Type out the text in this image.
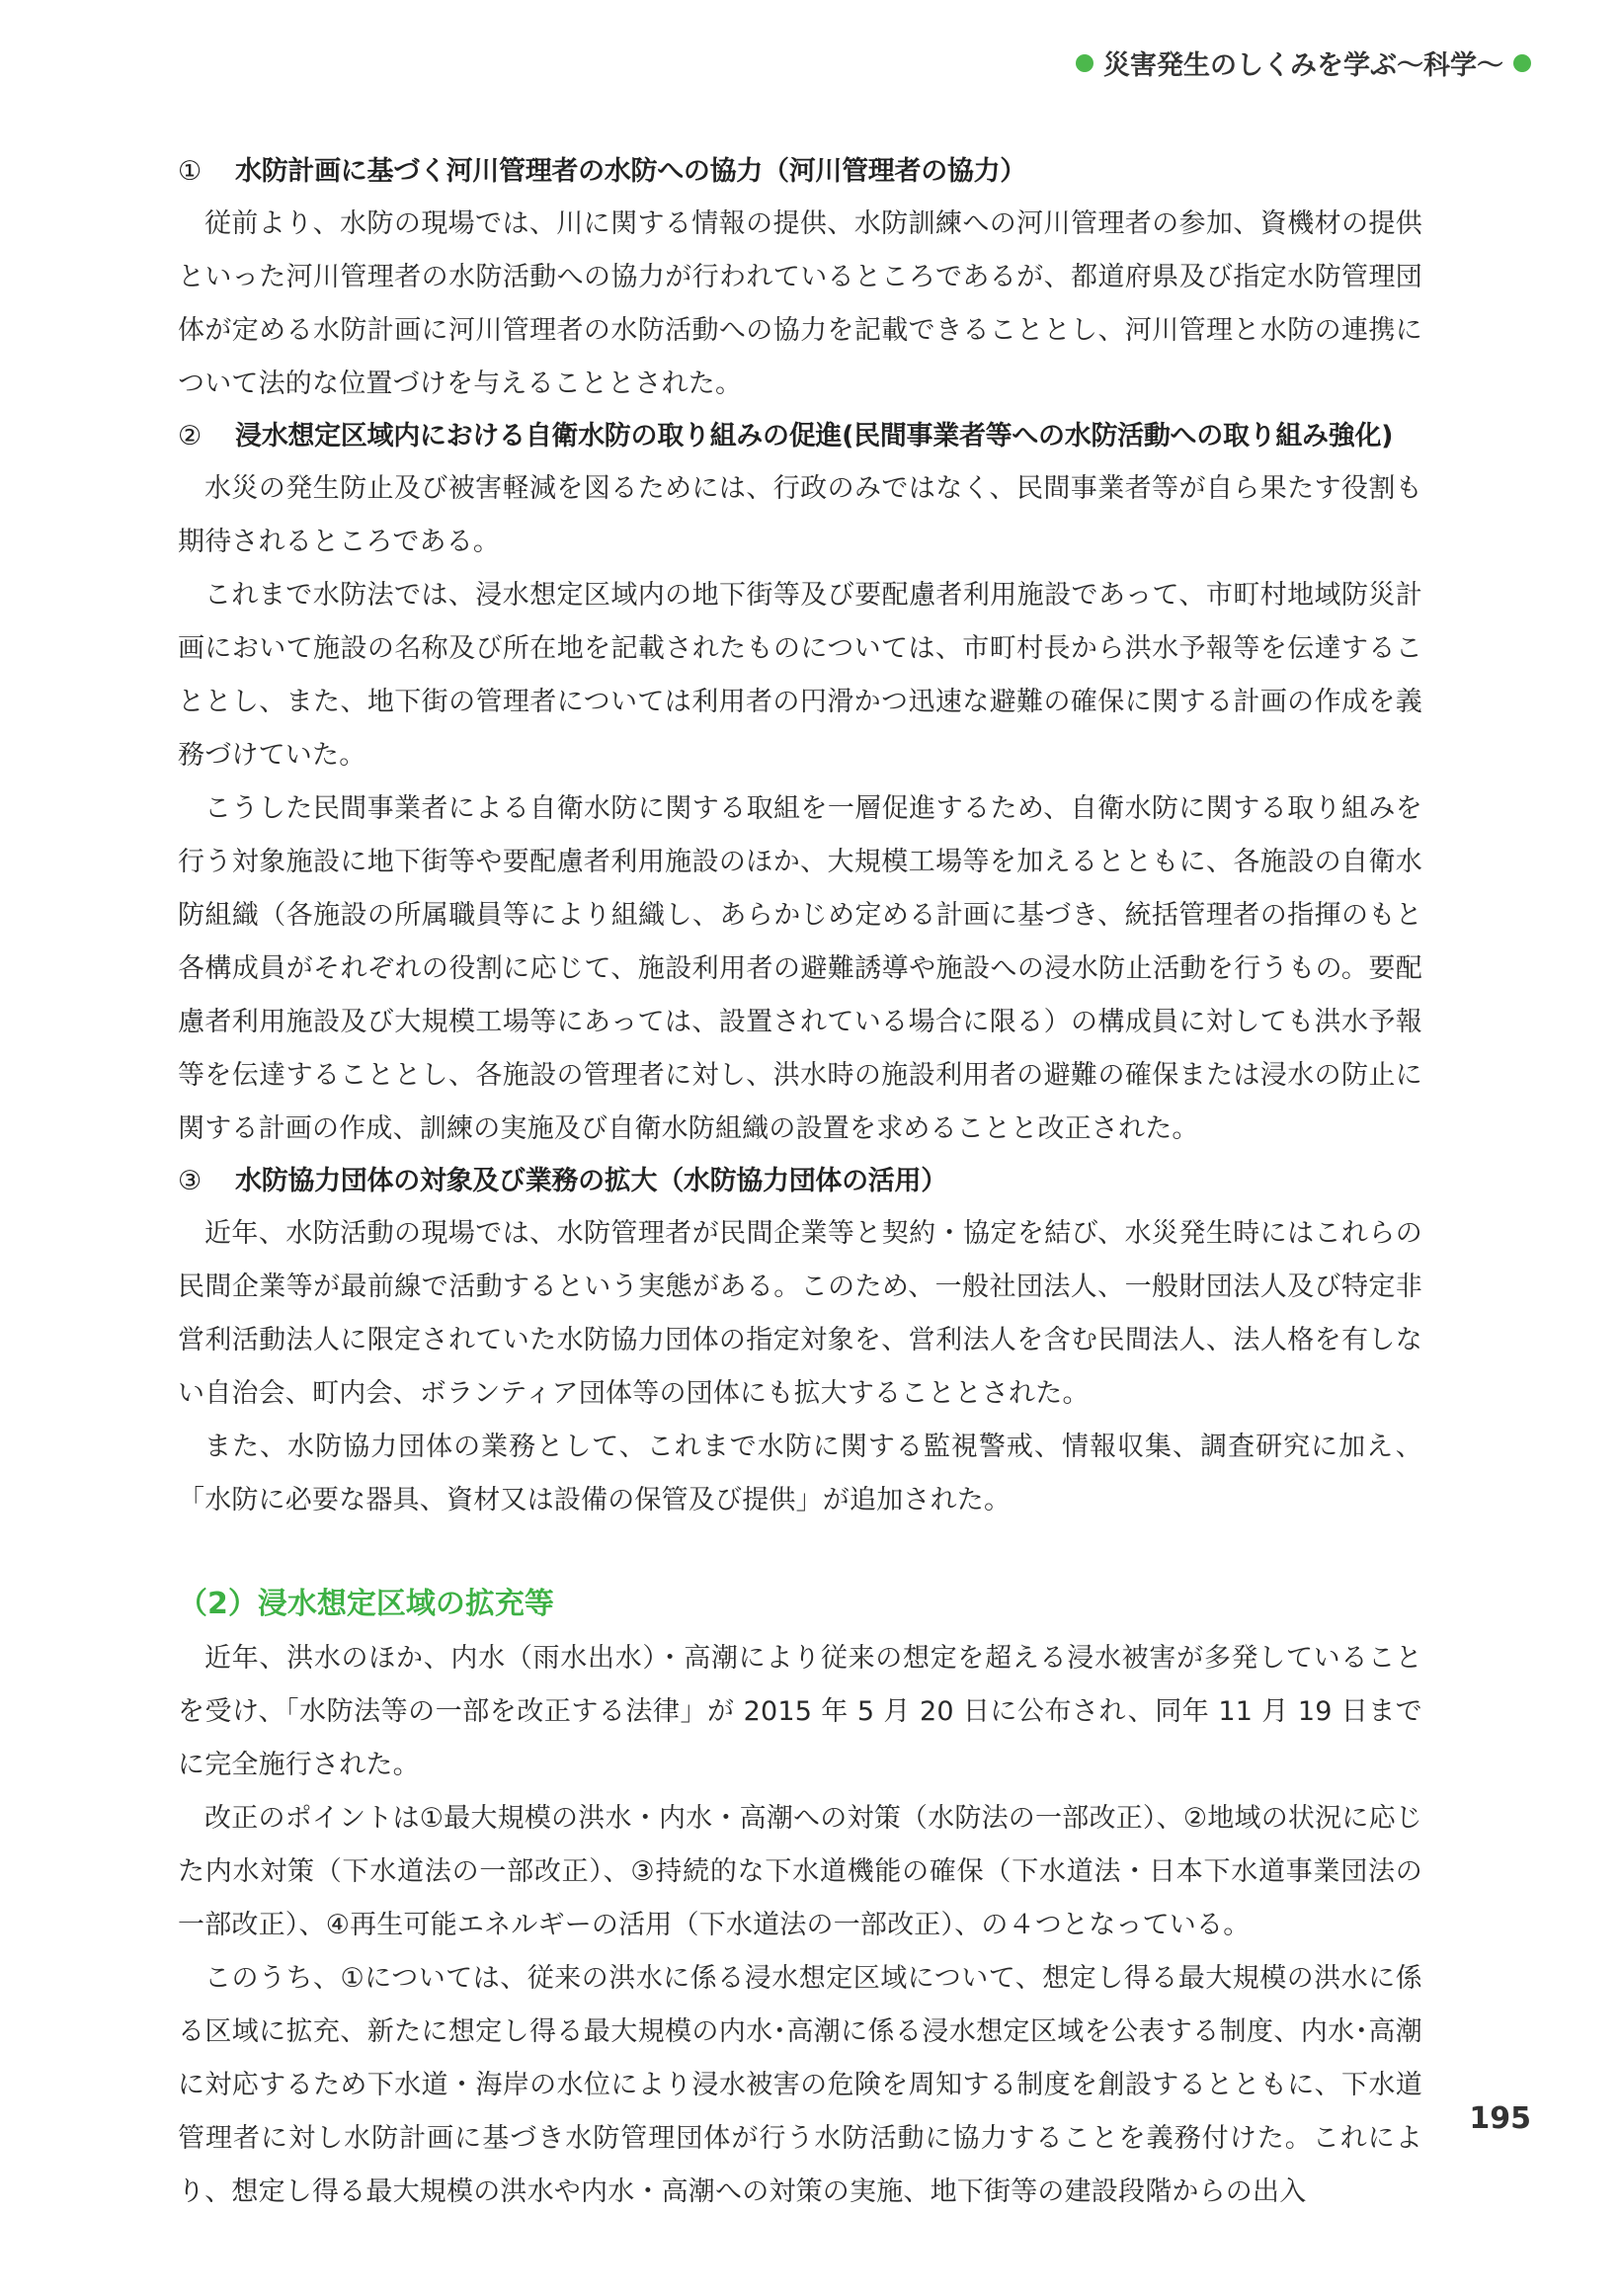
災害発生のしくみを学ぶ〜科学〜
① 水防計画に基づく河川管理者の水防への協力（河川管理者の協力）

従前より、水防の現場では、川に関する情報の提供、水防訓練への河川管理者の参加、資機材の提供といった河川管理者の水防活動への協力が行われているところであるが、都道府県及び指定水防管理団体が定める水防計画に河川管理者の水防活動への協力を記載できることとし、河川管理と水防の連携について法的な位置づけを与えることとされた。

② 浸水想定区域内における自衛水防の取り組みの促進(民間事業者等への水防活動への取り組み強化)

水災の発生防止及び被害軽減を図るためには、行政のみではなく、民間事業者等が自ら果たす役割も期待されるところである。

これまで水防法では、浸水想定区域内の地下街等及び要配慮者利用施設であって、市町村地域防災計画において施設の名称及び所在地を記載されたものについては、市町村長から洪水予報等を伝達することとし、また、地下街の管理者については利用者の円滑かつ迅速な避難の確保に関する計画の作成を義務づけていた。

こうした民間事業者による自衛水防に関する取組を一層促進するため、自衛水防に関する取り組みを行う対象施設に地下街等や要配慮者利用施設のほか、大規模工場等を加えるとともに、各施設の自衛水防組織（各施設の所属職員等により組織し、あらかじめ定める計画に基づき、統括管理者の指揮のもと各構成員がそれぞれの役割に応じて、施設利用者の避難誘導や施設への浸水防止活動を行うもの。要配慮者利用施設及び大規模工場等にあっては、設置されている場合に限る）の構成員に対しても洪水予報等を伝達することとし、各施設の管理者に対し、洪水時の施設利用者の避難の確保または浸水の防止に関する計画の作成、訓練の実施及び自衛水防組織の設置を求めることと改正された。

③ 水防協力団体の対象及び業務の拡大（水防協力団体の活用）

近年、水防活動の現場では、水防管理者が民間企業等と契約・協定を結び、水災発生時にはこれらの民間企業等が最前線で活動するという実態がある。このため、一般社団法人、一般財団法人及び特定非営利活動法人に限定されていた水防協力団体の指定対象を、営利法人を含む民間法人、法人格を有しない自治会、町内会、ボランティア団体等の団体にも拡大することとされた。

また、水防協力団体の業務として、これまで水防に関する監視警戒、情報収集、調査研究に加え、「水防に必要な器具、資材又は設備の保管及び提供」が追加された。

（2）浸水想定区域の拡充等

近年、洪水のほか、内水（雨水出水）・高潮により従来の想定を超える浸水被害が多発していることを受け、「水防法等の一部を改正する法律」が 2015 年 5 月 20 日に公布され、同年 11 月 19 日までに完全施行された。

改正のポイントは①最大規模の洪水・内水・高潮への対策（水防法の一部改正）、②地域の状況に応じた内水対策（下水道法の一部改正）、③持続的な下水道機能の確保（下水道法・日本下水道事業団法の一部改正）、④再生可能エネルギーの活用（下水道法の一部改正）、の４つとなっている。

このうち、①については、従来の洪水に係る浸水想定区域について、想定し得る最大規模の洪水に係る区域に拡充、新たに想定し得る最大規模の内水･高潮に係る浸水想定区域を公表する制度、内水･高潮に対応するため下水道・海岸の水位により浸水被害の危険を周知する制度を創設するとともに、下水道管理者に対し水防計画に基づき水防管理団体が行う水防活動に協力することを義務付けた。これにより、想定し得る最大規模の洪水や内水・高潮への対策の実施、地下街等の建設段階からの出入

195
